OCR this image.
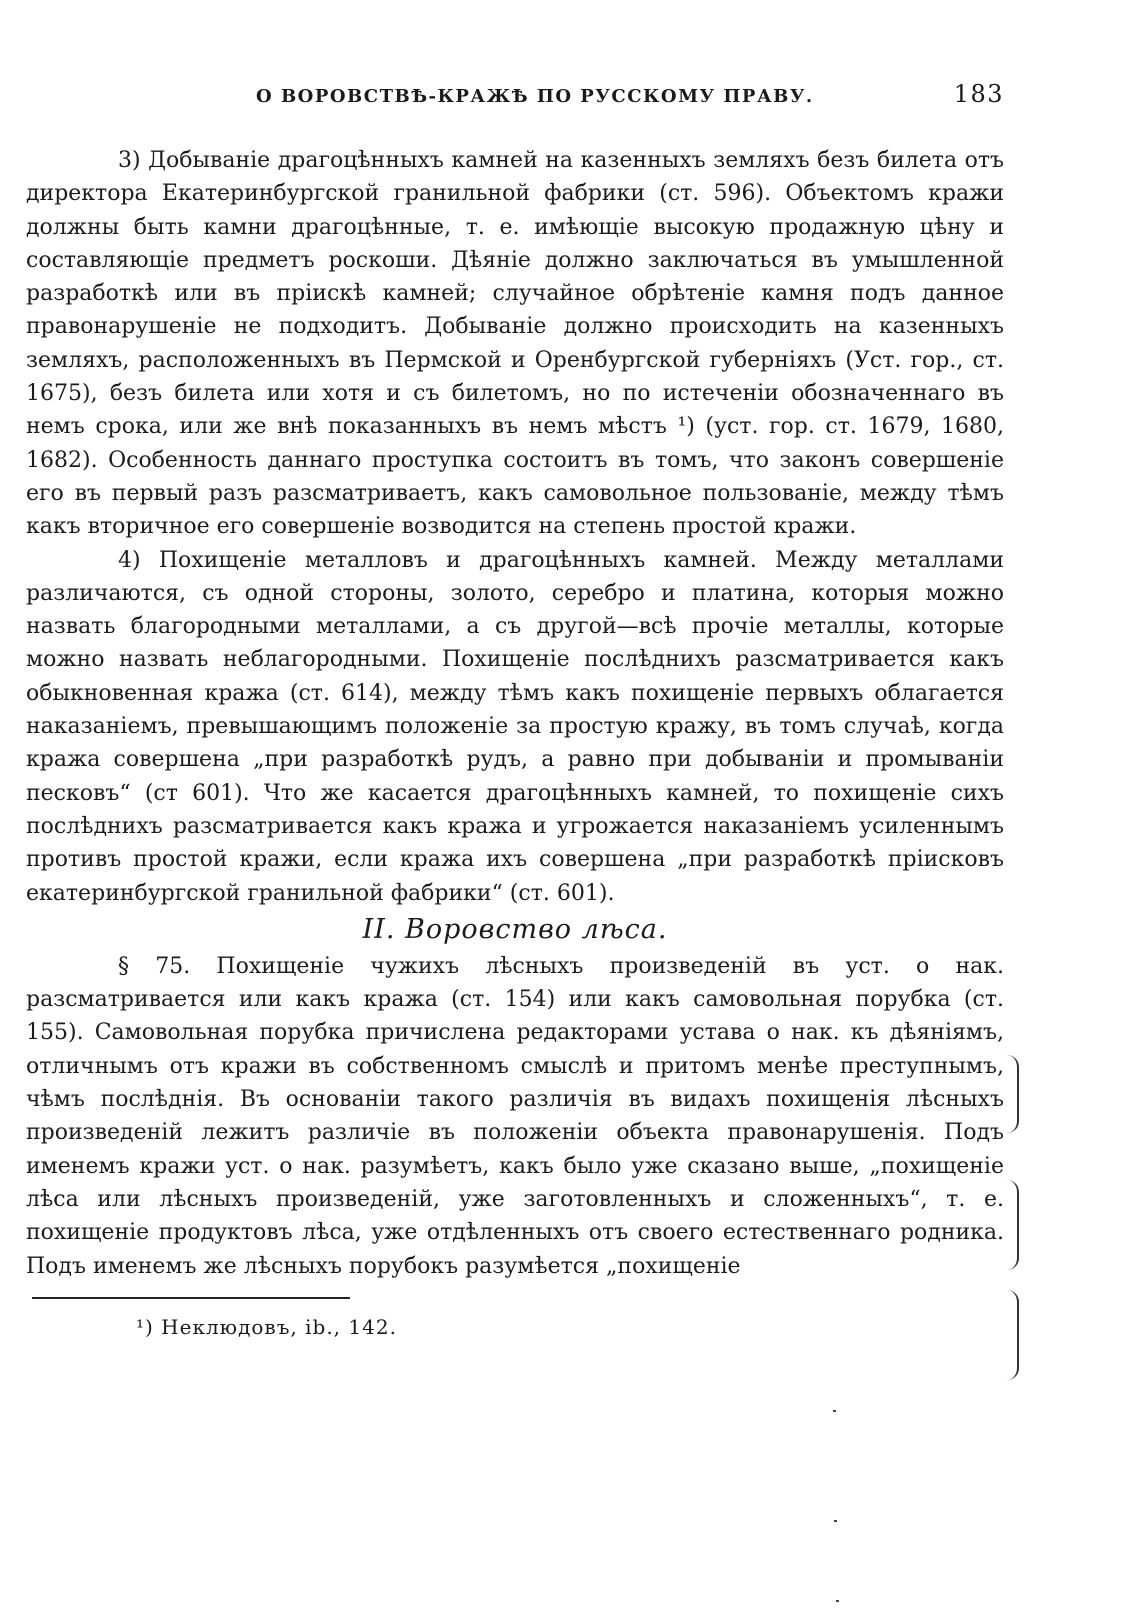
О ВОРОВСТВѢ-КРАЖѢ ПО РУССКОМУ ПРАВУ.	183

3) Добываніе драгоцѣнныхъ камней на казенныхъ земляхъ безъ билета отъ директора Екатеринбургской гранильной фабрики (ст. 596). Объектомъ кражи должны быть камни драгоцѣнные, т. е. имѣющіе высокую продажную цѣну и составляющіе предметъ роскоши. Дѣяніе должно заключаться въ умышленной разработкѣ или въ пріискѣ камней; случайное обрѣтеніе камня подъ данное правонарушеніе не подходитъ. Добываніе должно происходить на казенныхъ земляхъ, расположенныхъ въ Пермской и Оренбургской губерніяхъ (Уст. гор., ст. 1675), безъ билета или хотя и съ билетомъ, но по истеченіи обозначеннаго въ немъ срока, или же внѣ показанныхъ въ немъ мѣстъ ¹) (уст. гор. ст. 1679, 1680, 1682). Особенность даннаго проступка состоитъ въ томъ, что законъ совершеніе его въ первый разъ разсматриваетъ, какъ самовольное пользованіе, между тѣмъ какъ вторичное его совершеніе возводится на степень простой кражи.

4) Похищеніе металловъ и драгоцѣнныхъ камней. Между металлами различаются, съ одной стороны, золото, серебро и платина, которыя можно назвать благородными металлами, а съ другой—всѣ прочіе металлы, которые можно назвать неблагородными. Похищеніе послѣднихъ разсматривается какъ обыкновенная кража (ст. 614), между тѣмъ какъ похищеніе первыхъ облагается наказаніемъ, превышающимъ положеніе за простую кражу, въ томъ случаѣ, когда кража совершена „при разработкѣ рудъ, а равно при добываніи и промываніи песковъ“ (ст 601). Что же касается драгоцѣнныхъ камней, то похищеніе сихъ послѣднихъ разсматривается какъ кража и угрожается наказаніемъ усиленнымъ противъ простой кражи, если кража ихъ совершена „при разработкѣ пріисковъ екатеринбургской гранильной фабрики“ (ст. 601).

II. Воровство лѣса.

§ 75. Похищеніе чужихъ лѣсныхъ произведеній въ уст. о нак. разсматривается или какъ кража (ст. 154) или какъ самовольная порубка (ст. 155). Самовольная порубка причислена редакторами устава о нак. къ дѣяніямъ, отличнымъ отъ кражи въ собственномъ смыслѣ и притомъ менѣе преступнымъ, чѣмъ послѣднія. Въ основаніи такого различія въ видахъ похищенія лѣсныхъ произведеній лежитъ различіе въ положеніи объекта правонарушенія. Подъ именемъ кражи уст. о нак. разумѣетъ, какъ было уже сказано выше, „похищеніе лѣса или лѣсныхъ произведеній, уже заготовленныхъ и сложенныхъ“, т. е. похищеніе продуктовъ лѣса, уже отдѣленныхъ отъ своего естественнаго родника. Подъ именемъ же лѣсныхъ порубокъ разумѣется „похищеніе

¹) Неклюдовъ, ib., 142.
